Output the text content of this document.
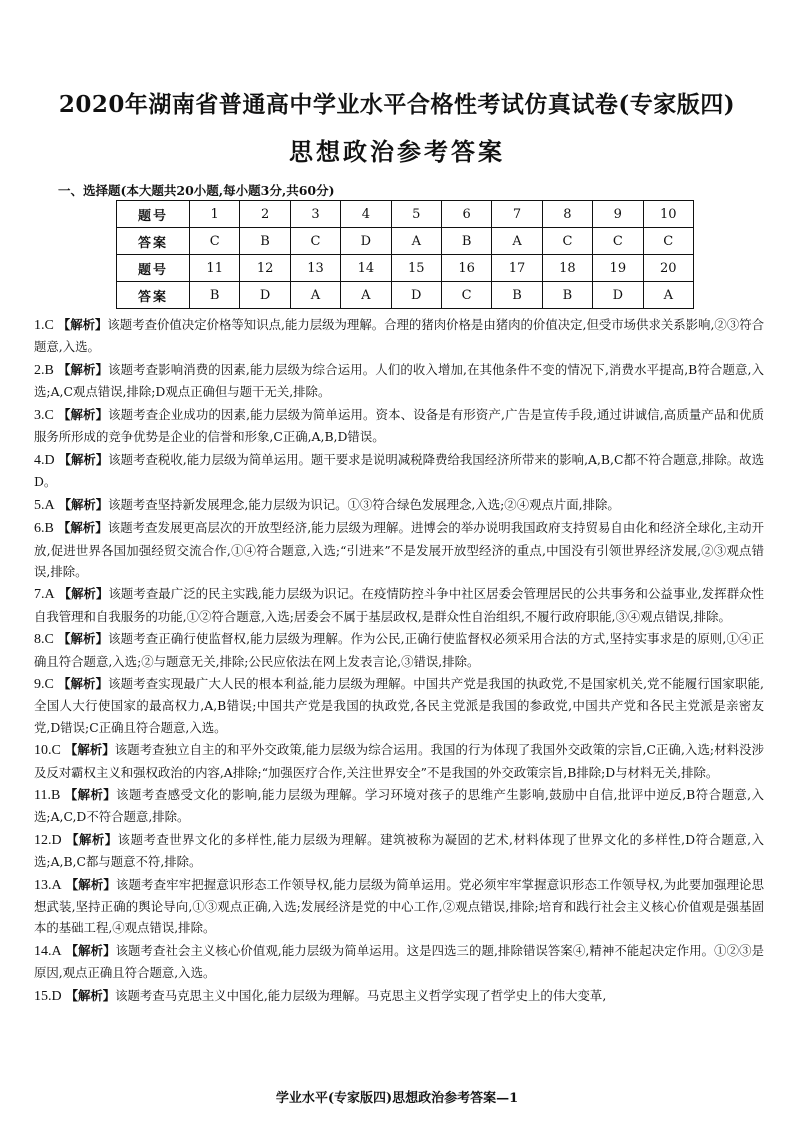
2020年湖南省普通高中学业水平合格性考试仿真试卷(专家版四)
思想政治参考答案
一、选择题(本大题共20小题,每小题3分,共60分)
题号	1	2	3	4	5	6	7	8	9	10
答案	C	B	C	D	A	B	A	C	C	C
题号	11	12	13	14	15	16	17	18	19	20
答案	B	D	A	A	D	C	B	B	D	A
1.C 【解析】该题考查价值决定价格等知识点,能力层级为理解。合理的猪肉价格是由猪肉的价值决定,但受市场供求关系影响,②③符合题意,入选。
2.B 【解析】该题考查影响消费的因素,能力层级为综合运用。人们的收入增加,在其他条件不变的情况下,消费水平提高,B符合题意,入选;A,C观点错误,排除;D观点正确但与题干无关,排除。
3.C 【解析】该题考查企业成功的因素,能力层级为简单运用。资本、设备是有形资产,广告是宣传手段,通过讲诚信,高质量产品和优质服务所形成的竞争优势是企业的信誉和形象,C正确,A,B,D错误。
4.D 【解析】该题考查税收,能力层级为简单运用。题干要求是说明减税降费给我国经济所带来的影响,A,B,C都不符合题意,排除。故选D。
5.A 【解析】该题考查坚持新发展理念,能力层级为识记。①③符合绿色发展理念,入选;②④观点片面,排除。
6.B 【解析】该题考查发展更高层次的开放型经济,能力层级为理解。进博会的举办说明我国政府支持贸易自由化和经济全球化,主动开放,促进世界各国加强经贸交流合作,①④符合题意,入选;“引进来”不是发展开放型经济的重点,中国没有引领世界经济发展,②③观点错误,排除。
7.A 【解析】该题考查最广泛的民主实践,能力层级为识记。在疫情防控斗争中社区居委会管理居民的公共事务和公益事业,发挥群众性自我管理和自我服务的功能,①②符合题意,入选;居委会不属于基层政权,是群众性自治组织,不履行政府职能,③④观点错误,排除。
8.C 【解析】该题考查正确行使监督权,能力层级为理解。作为公民,正确行使监督权必须采用合法的方式,坚持实事求是的原则,①④正确且符合题意,入选;②与题意无关,排除;公民应依法在网上发表言论,③错误,排除。
9.C 【解析】该题考查实现最广大人民的根本利益,能力层级为理解。中国共产党是我国的执政党,不是国家机关,党不能履行国家职能,全国人大行使国家的最高权力,A,B错误;中国共产党是我国的执政党,各民主党派是我国的参政党,中国共产党和各民主党派是亲密友党,D错误;C正确且符合题意,入选。
10.C 【解析】该题考查独立自主的和平外交政策,能力层级为综合运用。我国的行为体现了我国外交政策的宗旨,C正确,入选;材料没涉及反对霸权主义和强权政治的内容,A排除;“加强医疗合作,关注世界安全”不是我国的外交政策宗旨,B排除;D与材料无关,排除。
11.B 【解析】该题考查感受文化的影响,能力层级为理解。学习环境对孩子的思维产生影响,鼓励中自信,批评中逆反,B符合题意,入选;A,C,D不符合题意,排除。
12.D 【解析】该题考查世界文化的多样性,能力层级为理解。建筑被称为凝固的艺术,材料体现了世界文化的多样性,D符合题意,入选;A,B,C都与题意不符,排除。
13.A 【解析】该题考查牢牢把握意识形态工作领导权,能力层级为简单运用。党必须牢牢掌握意识形态工作领导权,为此要加强理论思想武装,坚持正确的舆论导向,①③观点正确,入选;发展经济是党的中心工作,②观点错误,排除;培育和践行社会主义核心价值观是强基固本的基础工程,④观点错误,排除。
14.A 【解析】该题考查社会主义核心价值观,能力层级为简单运用。这是四选三的题,排除错误答案④,精神不能起决定作用。①②③是原因,观点正确且符合题意,入选。
15.D 【解析】该题考查马克思主义中国化,能力层级为理解。马克思主义哲学实现了哲学史上的伟大变革,
学业水平(专家版四)思想政治参考答案—1
